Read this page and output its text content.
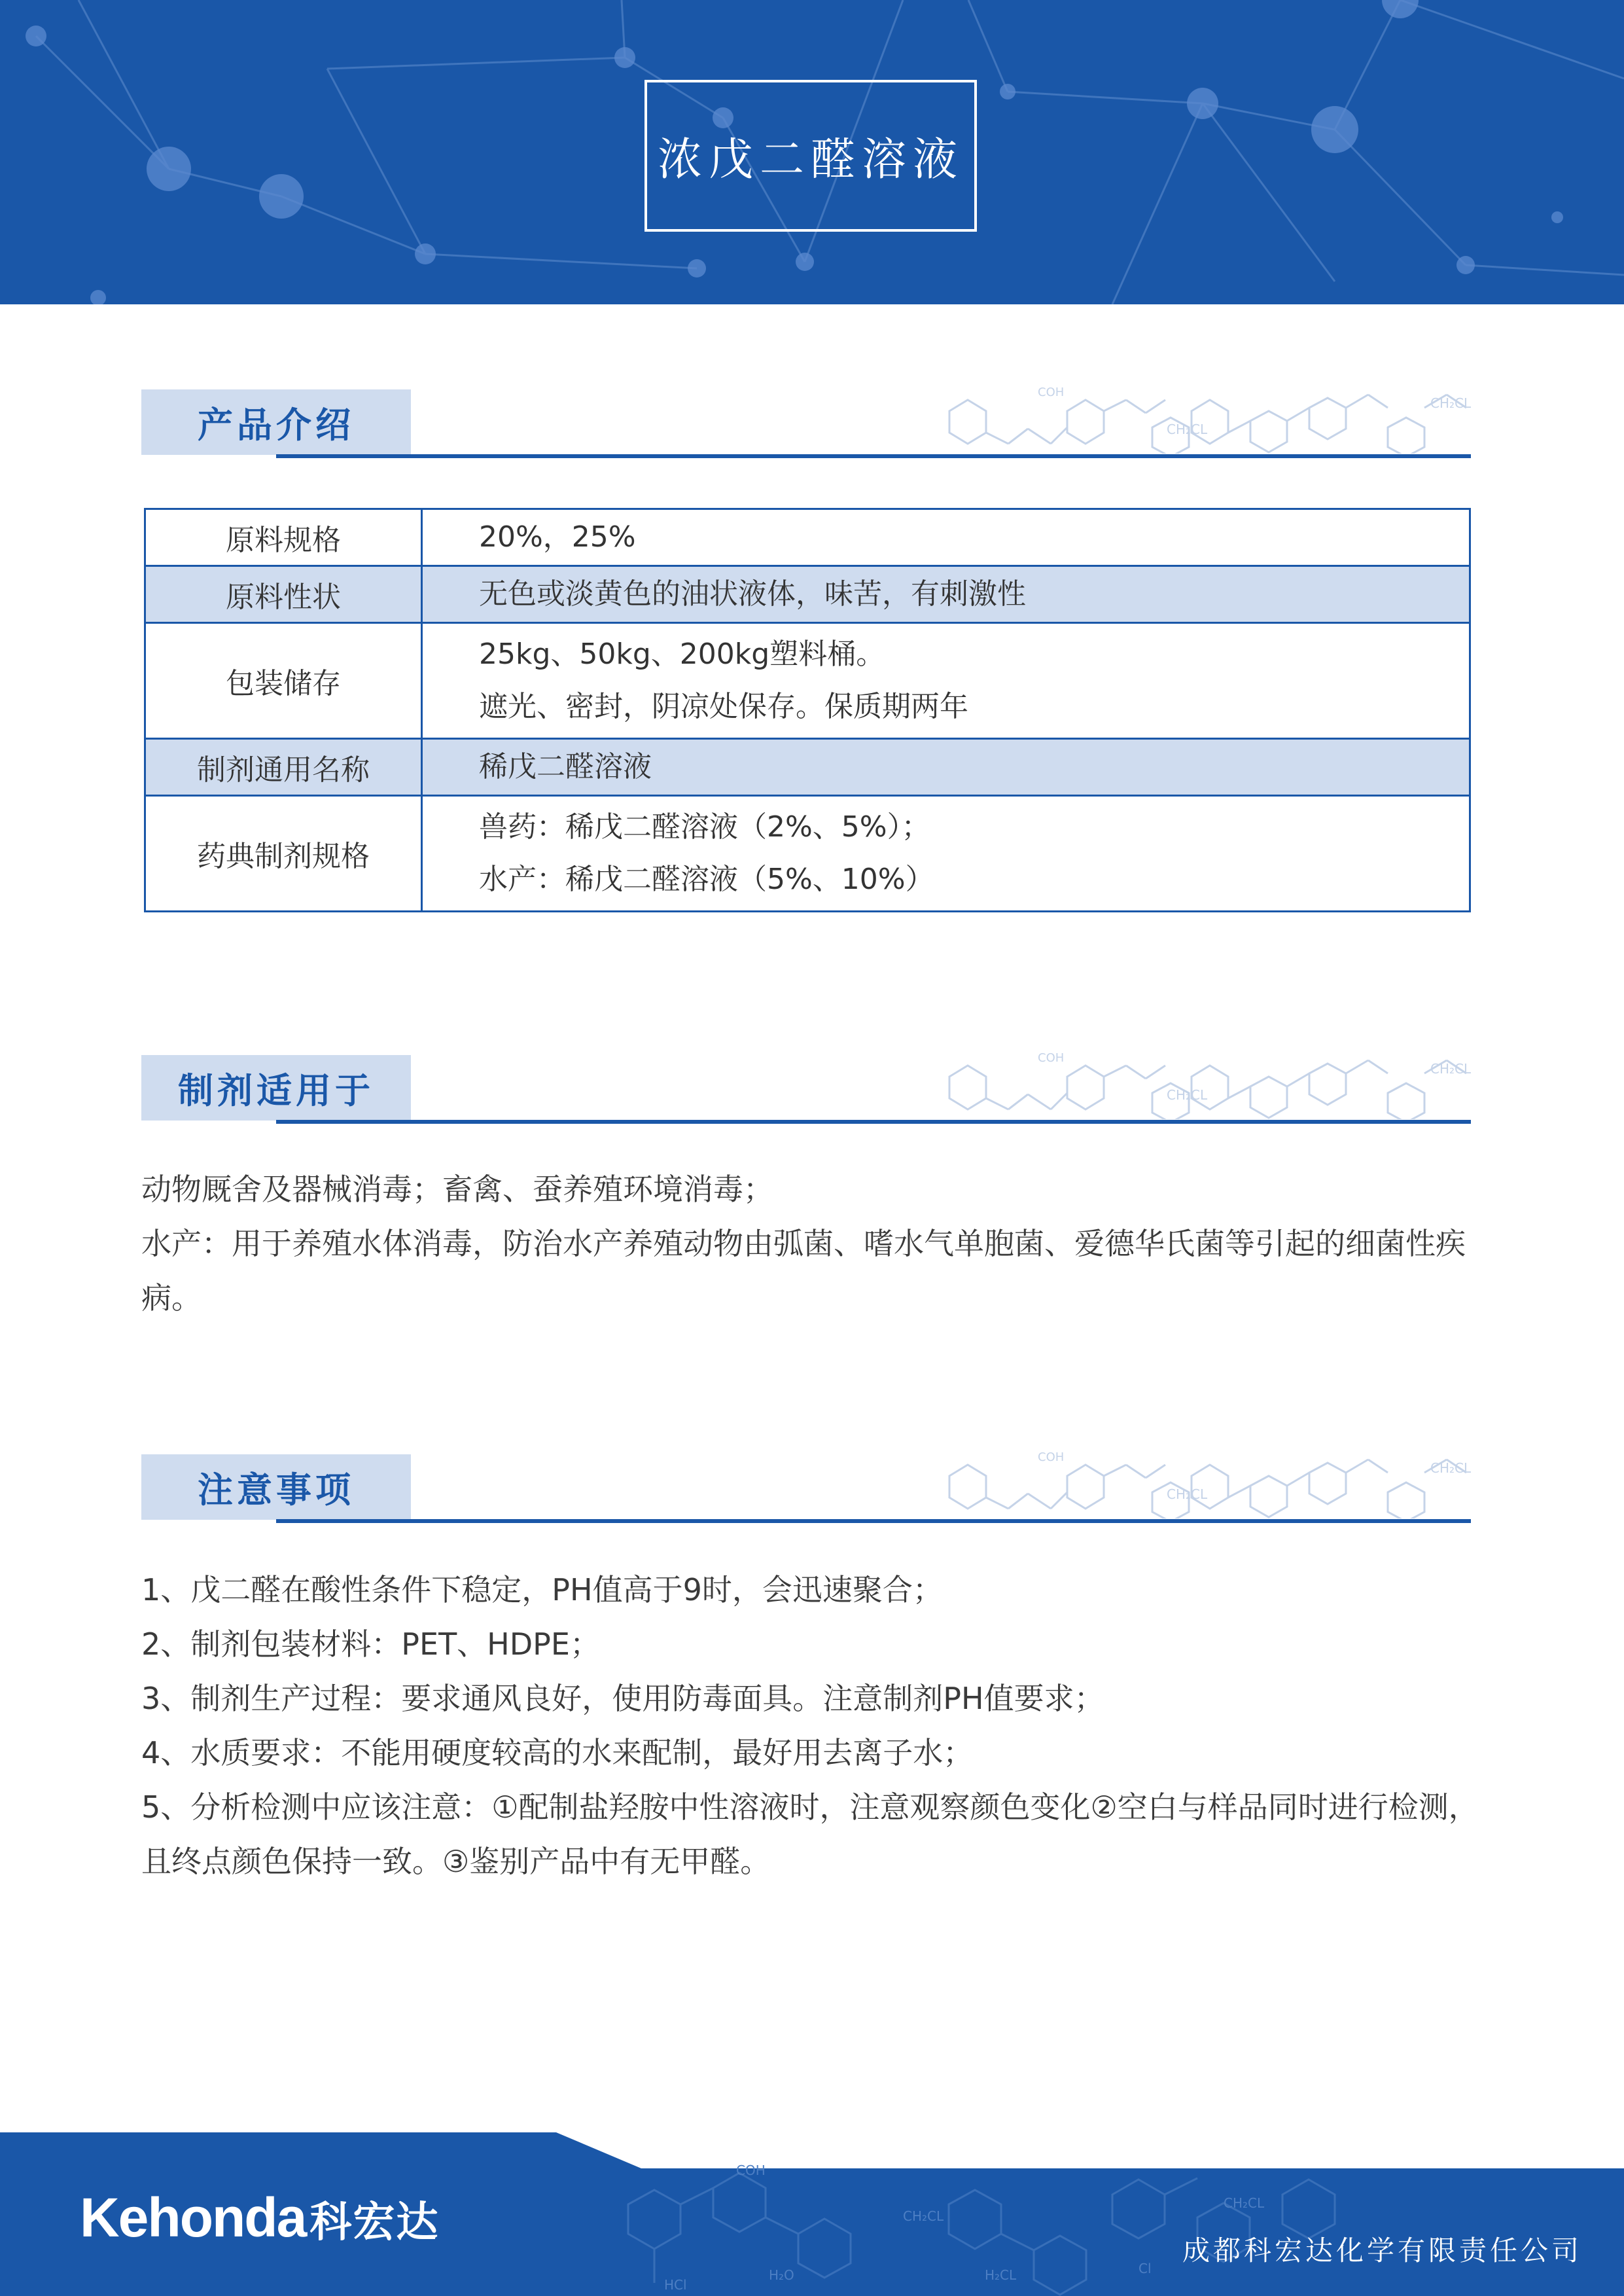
浓戊二醛溶液
产品介绍	CH₂CL
CH₂CL
COH
原料规格	20%，25%

原料性状	无色或淡黄色的油状液体，味苦，有刺激性

包装储存	25kg、50kg、200kg塑料桶。
遮光、密封，阴凉处保存。保质期两年

制剂通用名称	稀戊二醛溶液

药典制剂规格	兽药：稀戊二醛溶液（2%、5%）；
水产：稀戊二醛溶液（5%、10%）
制剂适用于	CH₂CL
CH₂CL
COH

动物厩舍及器械消毒；畜禽、蚕养殖环境消毒；

水产：用于养殖水体消毒，防治水产养殖动物由弧菌、嗜水气单胞菌、爱德华氏菌等引起的细菌性疾病。

注意事项	CH₂CL
CH₂CL
COH

1、戊二醛在酸性条件下稳定，PH值高于9时，会迅速聚合；

2、制剂包装材料：PET、HDPE；

3、制剂生产过程：要求通风良好，使用防毒面具。注意制剂PH值要求；

4、水质要求：不能用硬度较高的水来配制，最好用去离子水；

5、分析检测中应该注意：①配制盐羟胺中性溶液时，注意观察颜色变化②空白与样品同时进行检测，且终点颜色保持一致。③鉴别产品中有无甲醛。

COH
CH₂CL
CH₂CL
H₂O	H₂CL	Cl
HCl
Kehonda科宏达
成都科宏达化学有限责任公司
